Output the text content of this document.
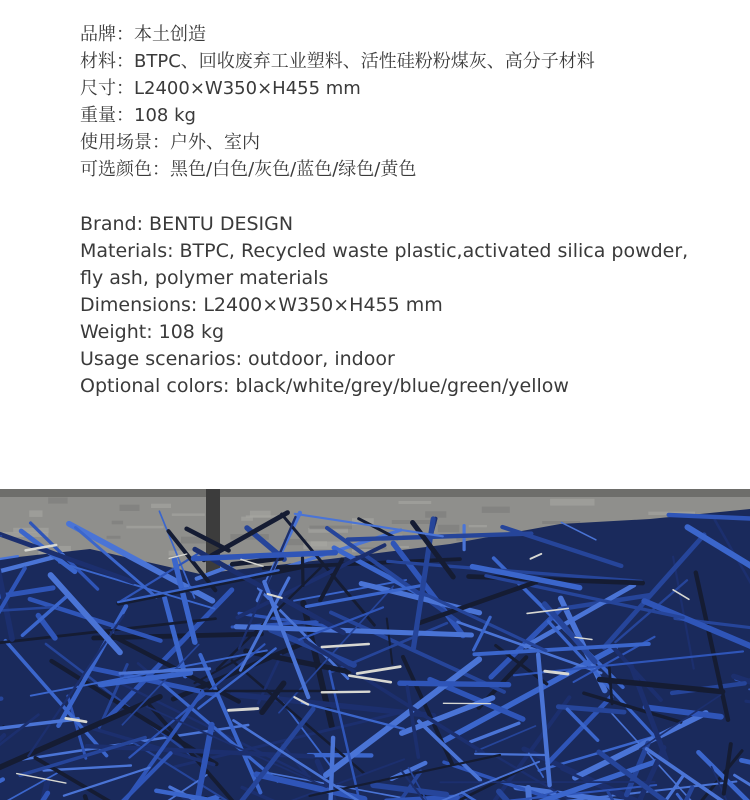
品牌：本土创造
材料：BTPC、回收废弃工业塑料、活性硅粉粉煤灰、高分子材料
尺寸：L2400×W350×H455 mm
重量：108 kg
使用场景：户外、室内
可选颜色：黑色/白色/灰色/蓝色/绿色/黄色
Brand: BENTU DESIGN
Materials: BTPC, Recycled waste plastic,activated silica powder,
fly ash, polymer materials
Dimensions: L2400×W350×H455 mm
Weight: 108 kg
Usage scenarios: outdoor, indoor
Optional colors: black/white/grey/blue/green/yellow
